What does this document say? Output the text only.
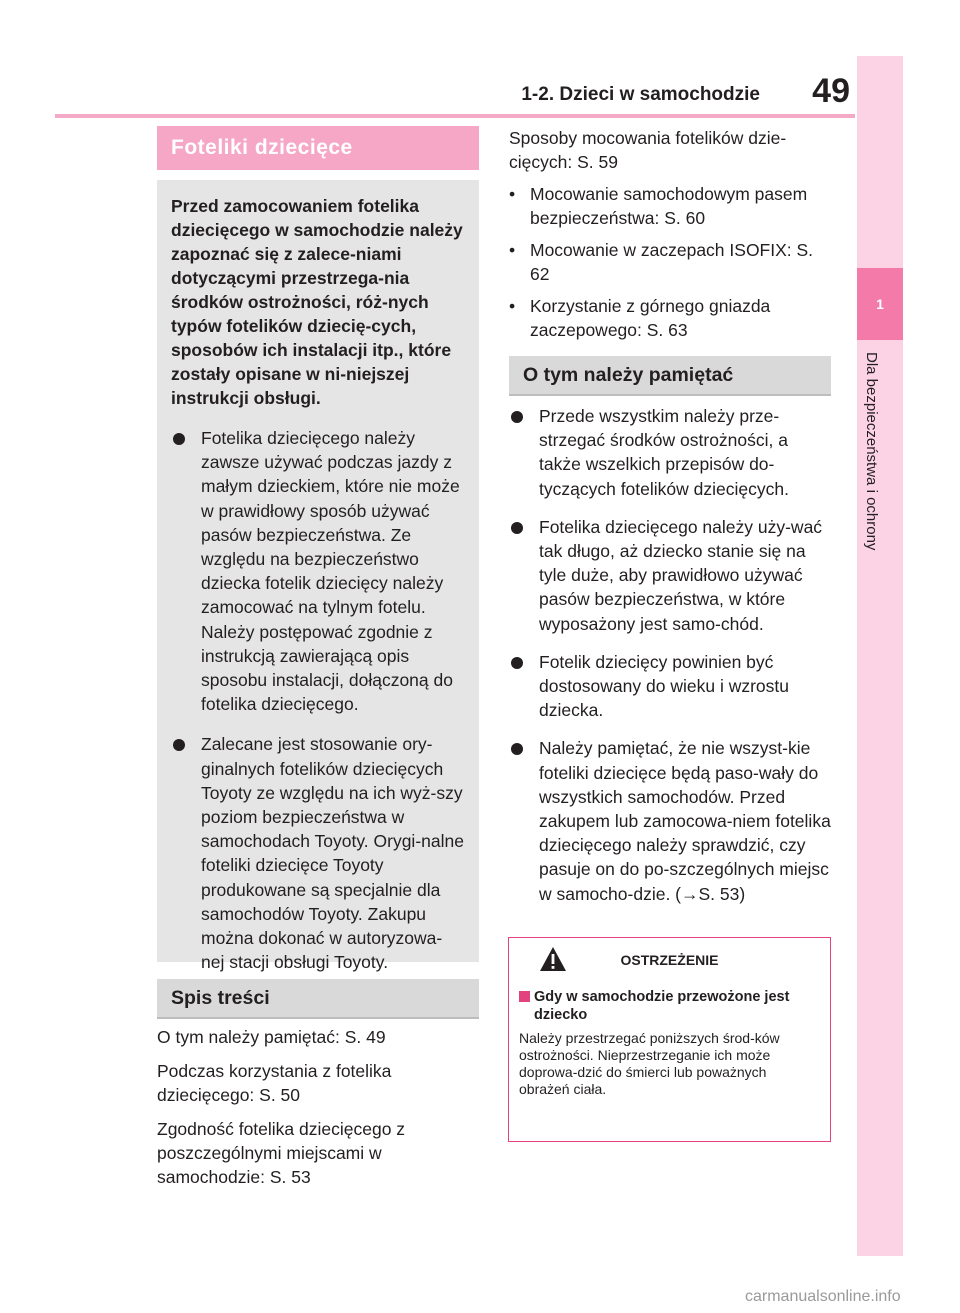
1-2. Dzieci w samochodzie	49
1
Dla bezpieczeństwa i ochrony
Foteliki dziecięce

Przed zamocowaniem fotelika dziecięcego w samochodzie należy zapoznać się z zalece-niami dotyczącymi przestrzega-nia środków ostrożności, róż-nych typów fotelików dziecię-cych, sposobów ich instalacji itp., które zostały opisane w ni-niejszej instrukcji obsługi.

Fotelika dziecięcego należy zawsze używać podczas jazdy z małym dzieckiem, które nie może w prawidłowy sposób używać pasów bezpieczeństwa. Ze względu na bezpieczeństwo dziecka fotelik dziecięcy należy zamocować na tylnym fotelu. Należy postępować zgodnie z instrukcją zawierającą opis sposobu instalacji, dołączoną do fotelika dziecięcego.
Zalecane jest stosowanie ory-ginalnych fotelików dziecięcych Toyoty ze względu na ich wyż-szy poziom bezpieczeństwa w samochodach Toyoty. Orygi-nalne foteliki dziecięce Toyoty produkowane są specjalnie dla samochodów Toyoty. Zakupu można dokonać w autoryzowa-nej stacji obsługi Toyoty.
Spis treści

O tym należy pamiętać: S. 49

Podczas korzystania z fotelika dziecięcego: S. 50

Zgodność fotelika dziecięcego z poszczególnymi miejscami w samochodzie: S. 53

Sposoby mocowania fotelików dzie-cięcych: S. 59

• Mocowanie samochodowym pasem bezpieczeństwa: S. 60
• Mocowanie w zaczepach ISOFIX: S. 62
• Korzystanie z górnego gniazda zaczepowego: S. 63
O tym należy pamiętać
Przede wszystkim należy prze-strzegać środków ostrożności, a także wszelkich przepisów do-tyczących fotelików dziecięcych.
Fotelika dziecięcego należy uży-wać tak długo, aż dziecko stanie się na tyle duże, aby prawidłowo używać pasów bezpieczeństwa, w które wyposażony jest samo-chód.
Fotelik dziecięcy powinien być dostosowany do wieku i wzrostu dziecka.
Należy pamiętać, że nie wszyst-kie foteliki dziecięce będą paso-wały do wszystkich samochodów. Przed zakupem lub zamocowa-niem fotelika dziecięcego należy sprawdzić, czy pasuje on do po-szczególnych miejsc w samocho-dzie. (→S. 53)
OSTRZEŻENIE
Gdy w samochodzie przewożone jest dziecko
Należy przestrzegać poniższych środ-ków ostrożności. Nieprzestrzeganie ich może doprowa-dzić do śmierci lub poważnych obrażeń ciała.
carmanualsonline.info
